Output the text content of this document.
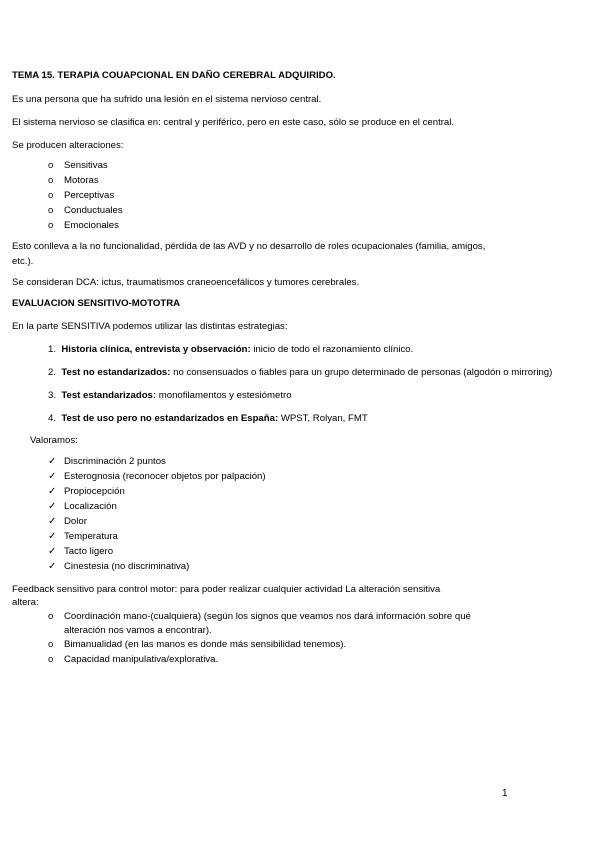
TEMA 15. TERAPIA COUAPCIONAL EN DAÑO CEREBRAL ADQUIRIDO.
Es una persona que ha sufrido una lesión en el sistema nervioso central.
El sistema nervioso se clasifica en: central y periférico, pero en este caso, sólo se produce en el central.
Se producen alteraciones:
o Sensitivas
o Motoras
o Perceptivas
o Conductuales
o Emocionales
Esto conlleva a la no funcionalidad, pérdida de las AVD y no desarrollo de roles ocupacionales (familia, amigos,
etc.).
Se consideran DCA: ictus, traumatismos craneoencefálicos y tumores cerebrales.
EVALUACION SENSITIVO-MOTOTRA
En la parte SENSITIVA podemos utilizar las distintas estrategias:
1. Historia clínica, entrevista y observación: inicio de todo el razonamiento clínico.
2. Test no estandarizados: no consensuados o fiables para un grupo determinado de personas (algodón o mirroring)
3. Test estandarizados: monofilamentos y estesiómetro
4. Test de uso pero no estandarizados en España: WPST, Rolyan, FMT
Valoramos:
✓ Discriminación 2 puntos
✓ Esterognosia (reconocer objetos por palpación)
✓ Propiocepción
✓ Localización
✓ Dolor
✓ Temperatura
✓ Tacto ligero
✓ Cinestesia (no discriminativa)
Feedback sensitivo para control motor: para poder realizar cualquier actividad La alteración sensitiva
altera:
o Coordinación mano-(cualquiera) (según los signos que veamos nos dará información sobre qué
alteración nos vamos a encontrar).
o Bimanualidad (en las manos es donde más sensibilidad tenemos).
o Capacidad manipulativa/explorativa.
1
